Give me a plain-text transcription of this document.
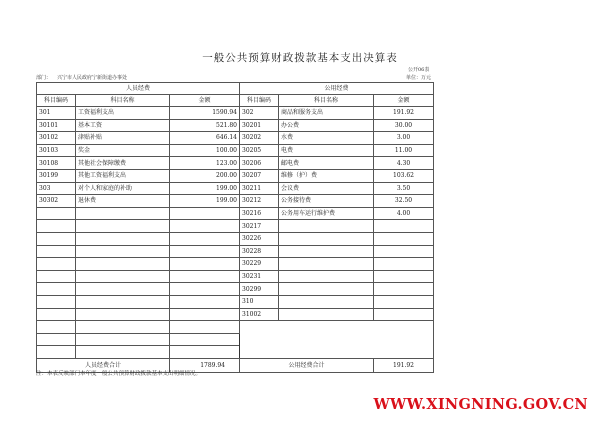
一般公共预算财政拨款基本支出决算表
公开06表
部门： 兴宁市人民政府宁新街道办事处	单位：万元
人员经费			公用经费		
科目编码	科目名称	金额	科目编码	科目名称	金额
301	工资福利支出	1590.94	302	商品和服务支出	191.92
30101	基本工资	521.80	30201	办公费	30.00
30102	津贴补贴	646.14	30202	水费	3.00
30103	奖金	100.00	30205	电费	11.00
30108	其他社会保障缴费	123.00	30206	邮电费	4.30
30199	其他工资福利支出	200.00	30207	维修（护）费	103.62
303	对个人和家庭的补助	199.00	30211	会议费	3.50
30302	退休费	199.00	30212	公务接待费	32.50
			30216	公务用车运行维护费	4.00
			30217		
			30226		
			30228		
			30229		
			30231		
			30299		
			310		
			31002		

人员经费合计		1789.94	公用经费合计		191.92
注：本表反映部门本年度一般公共预算财政拨款基本支出明细情况。
WWW.XINGNING.GOV.CN
